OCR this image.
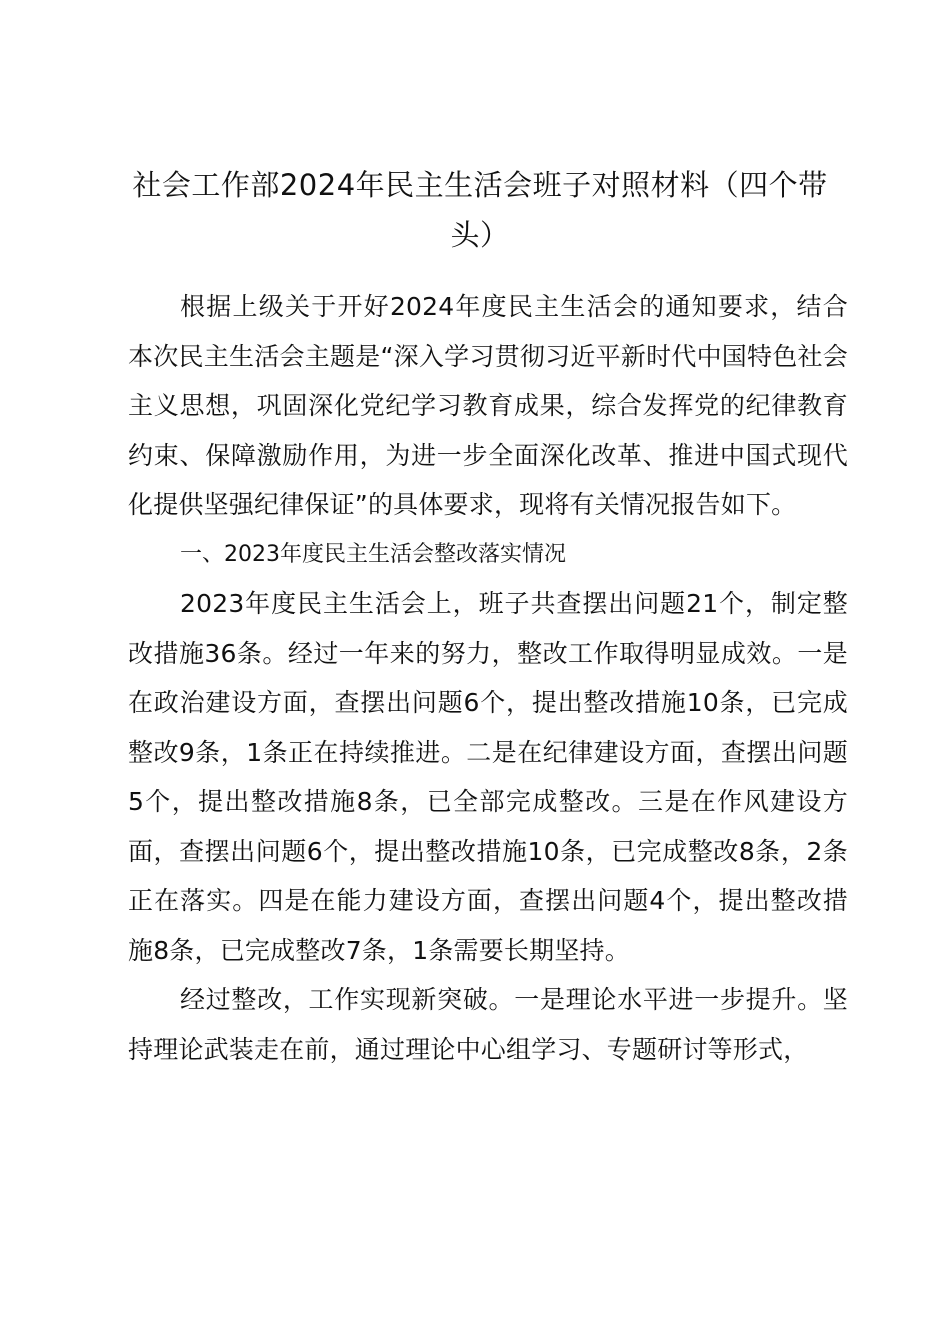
社会工作部2024年民主生活会班子对照材料（四个带头）

根据上级关于开好2024年度民主生活会的通知要求，结合本次民主生活会主题是“深入学习贯彻习近平新时代中国特色社会主义思想，巩固深化党纪学习教育成果，综合发挥党的纪律教育约束、保障激励作用，为进一步全面深化改革、推进中国式现代化提供坚强纪律保证”的具体要求，现将有关情况报告如下。

一、2023年度民主生活会整改落实情况

2023年度民主生活会上，班子共查摆出问题21个，制定整改措施36条。经过一年来的努力，整改工作取得明显成效。一是在政治建设方面，查摆出问题6个，提出整改措施10条，已完成整改9条，1条正在持续推进。二是在纪律建设方面，查摆出问题5个，提出整改措施8条，已全部完成整改。三是在作风建设方面，查摆出问题6个，提出整改措施10条，已完成整改8条，2条正在落实。四是在能力建设方面，查摆出问题4个，提出整改措施8条，已完成整改7条，1条需要长期坚持。

经过整改，工作实现新突破。一是理论水平进一步提升。坚持理论武装走在前，通过理论中心组学习、专题研讨等形式，
